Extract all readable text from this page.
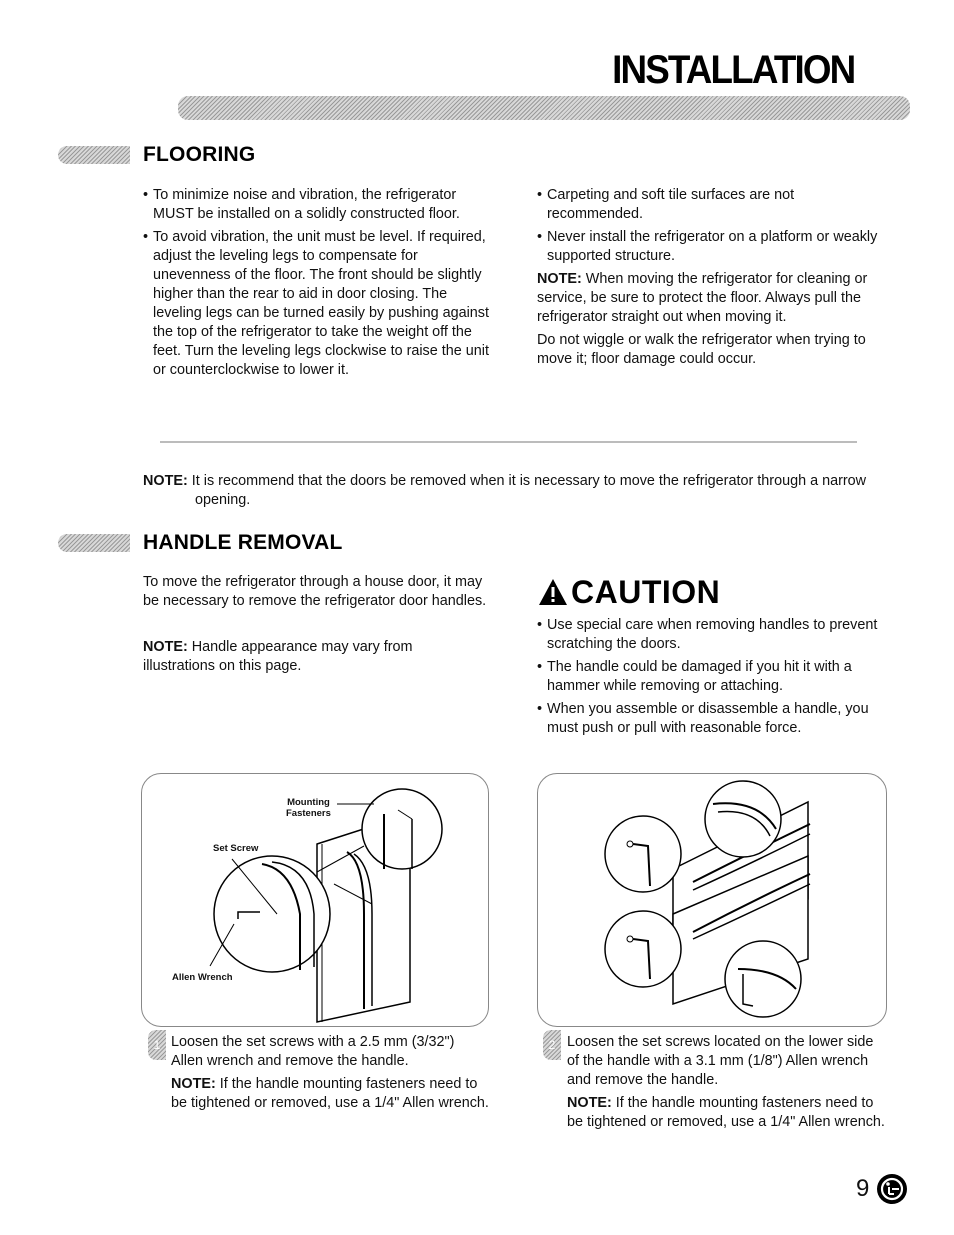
INSTALLATION
FLOORING
• To minimize noise and vibration, the refrigerator MUST be installed on a solidly constructed floor.
• To avoid vibration, the unit must be level. If required, adjust the leveling legs to compensate for unevenness of the floor. The front should be slightly higher than the rear to aid in door closing. The leveling legs can be turned easily by pushing against the top of the refrigerator to take the weight off the feet. Turn the leveling legs clockwise to raise the unit or counterclockwise to lower it.
• Carpeting and soft tile surfaces are not recommended.
• Never install the refrigerator on a platform or weakly supported structure.

NOTE: When moving the refrigerator for cleaning or service, be sure to protect the floor. Always pull the refrigerator straight out when moving it.

Do not wiggle or walk the refrigerator when trying to move it; floor damage could occur.

NOTE: It is recommend that the doors be removed when it is necessary to move the refrigerator through a narrow opening.

HANDLE REMOVAL

To move the refrigerator through a house door, it may be necessary to remove the refrigerator door handles.

NOTE: Handle appearance may vary from illustrations on this page.

CAUTION
• Use special care when removing handles to prevent scratching the doors.
• The handle could be damaged if you hit it with a hammer while removing or attaching.
• When you assemble or disassemble a handle, you must push or pull with reasonable force.
Mounting
Fasteners
Set Screw
Allen Wrench
1 Loosen the set screws with a 2.5 mm (3/32") Allen wrench and remove the handle.

NOTE: If the handle mounting fasteners need to be tightened or removed, use a 1/4" Allen wrench.

2 Loosen the set screws located on the lower side of the handle with a 3.1 mm (1/8") Allen wrench and remove the handle.

NOTE: If the handle mounting fasteners need to be tightened or removed, use a 1/4" Allen wrench.

9
